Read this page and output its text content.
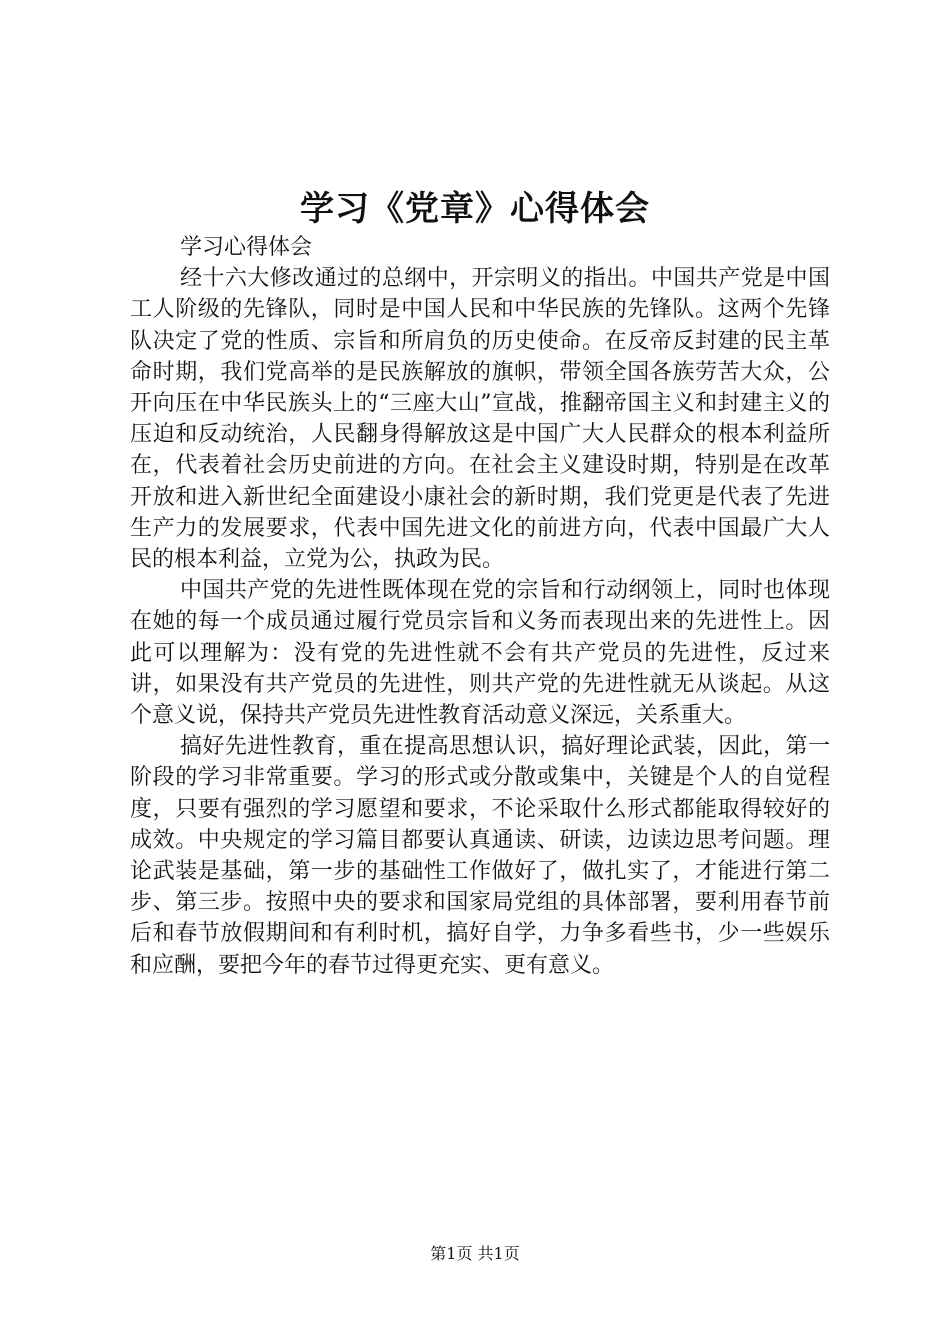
学习《党章》心得体会

学习心得体会

经十六大修改通过的总纲中，开宗明义的指出。中国共产党是中国工人阶级的先锋队，同时是中国人民和中华民族的先锋队。这两个先锋队决定了党的性质、宗旨和所肩负的历史使命。在反帝反封建的民主革命时期，我们党高举的是民族解放的旗帜，带领全国各族劳苦大众，公开向压在中华民族头上的“三座大山”宣战，推翻帝国主义和封建主义的压迫和反动统治，人民翻身得解放这是中国广大人民群众的根本利益所在，代表着社会历史前进的方向。在社会主义建设时期，特别是在改革开放和进入新世纪全面建设小康社会的新时期，我们党更是代表了先进生产力的发展要求，代表中国先进文化的前进方向，代表中国最广大人民的根本利益，立党为公，执政为民。

中国共产党的先进性既体现在党的宗旨和行动纲领上，同时也体现在她的每一个成员通过履行党员宗旨和义务而表现出来的先进性上。因此可以理解为：没有党的先进性就不会有共产党员的先进性，反过来讲，如果没有共产党员的先进性，则共产党的先进性就无从谈起。从这个意义说，保持共产党员先进性教育活动意义深远，关系重大。

搞好先进性教育，重在提高思想认识，搞好理论武装，因此，第一阶段的学习非常重要。学习的形式或分散或集中，关键是个人的自觉程度，只要有强烈的学习愿望和要求，不论采取什么形式都能取得较好的成效。中央规定的学习篇目都要认真通读、研读，边读边思考问题。理论武装是基础，第一步的基础性工作做好了，做扎实了，才能进行第二步、第三步。按照中央的要求和国家局党组的具体部署，要利用春节前后和春节放假期间和有利时机，搞好自学，力争多看些书，少一些娱乐和应酬，要把今年的春节过得更充实、更有意义。

第1页 共1页
